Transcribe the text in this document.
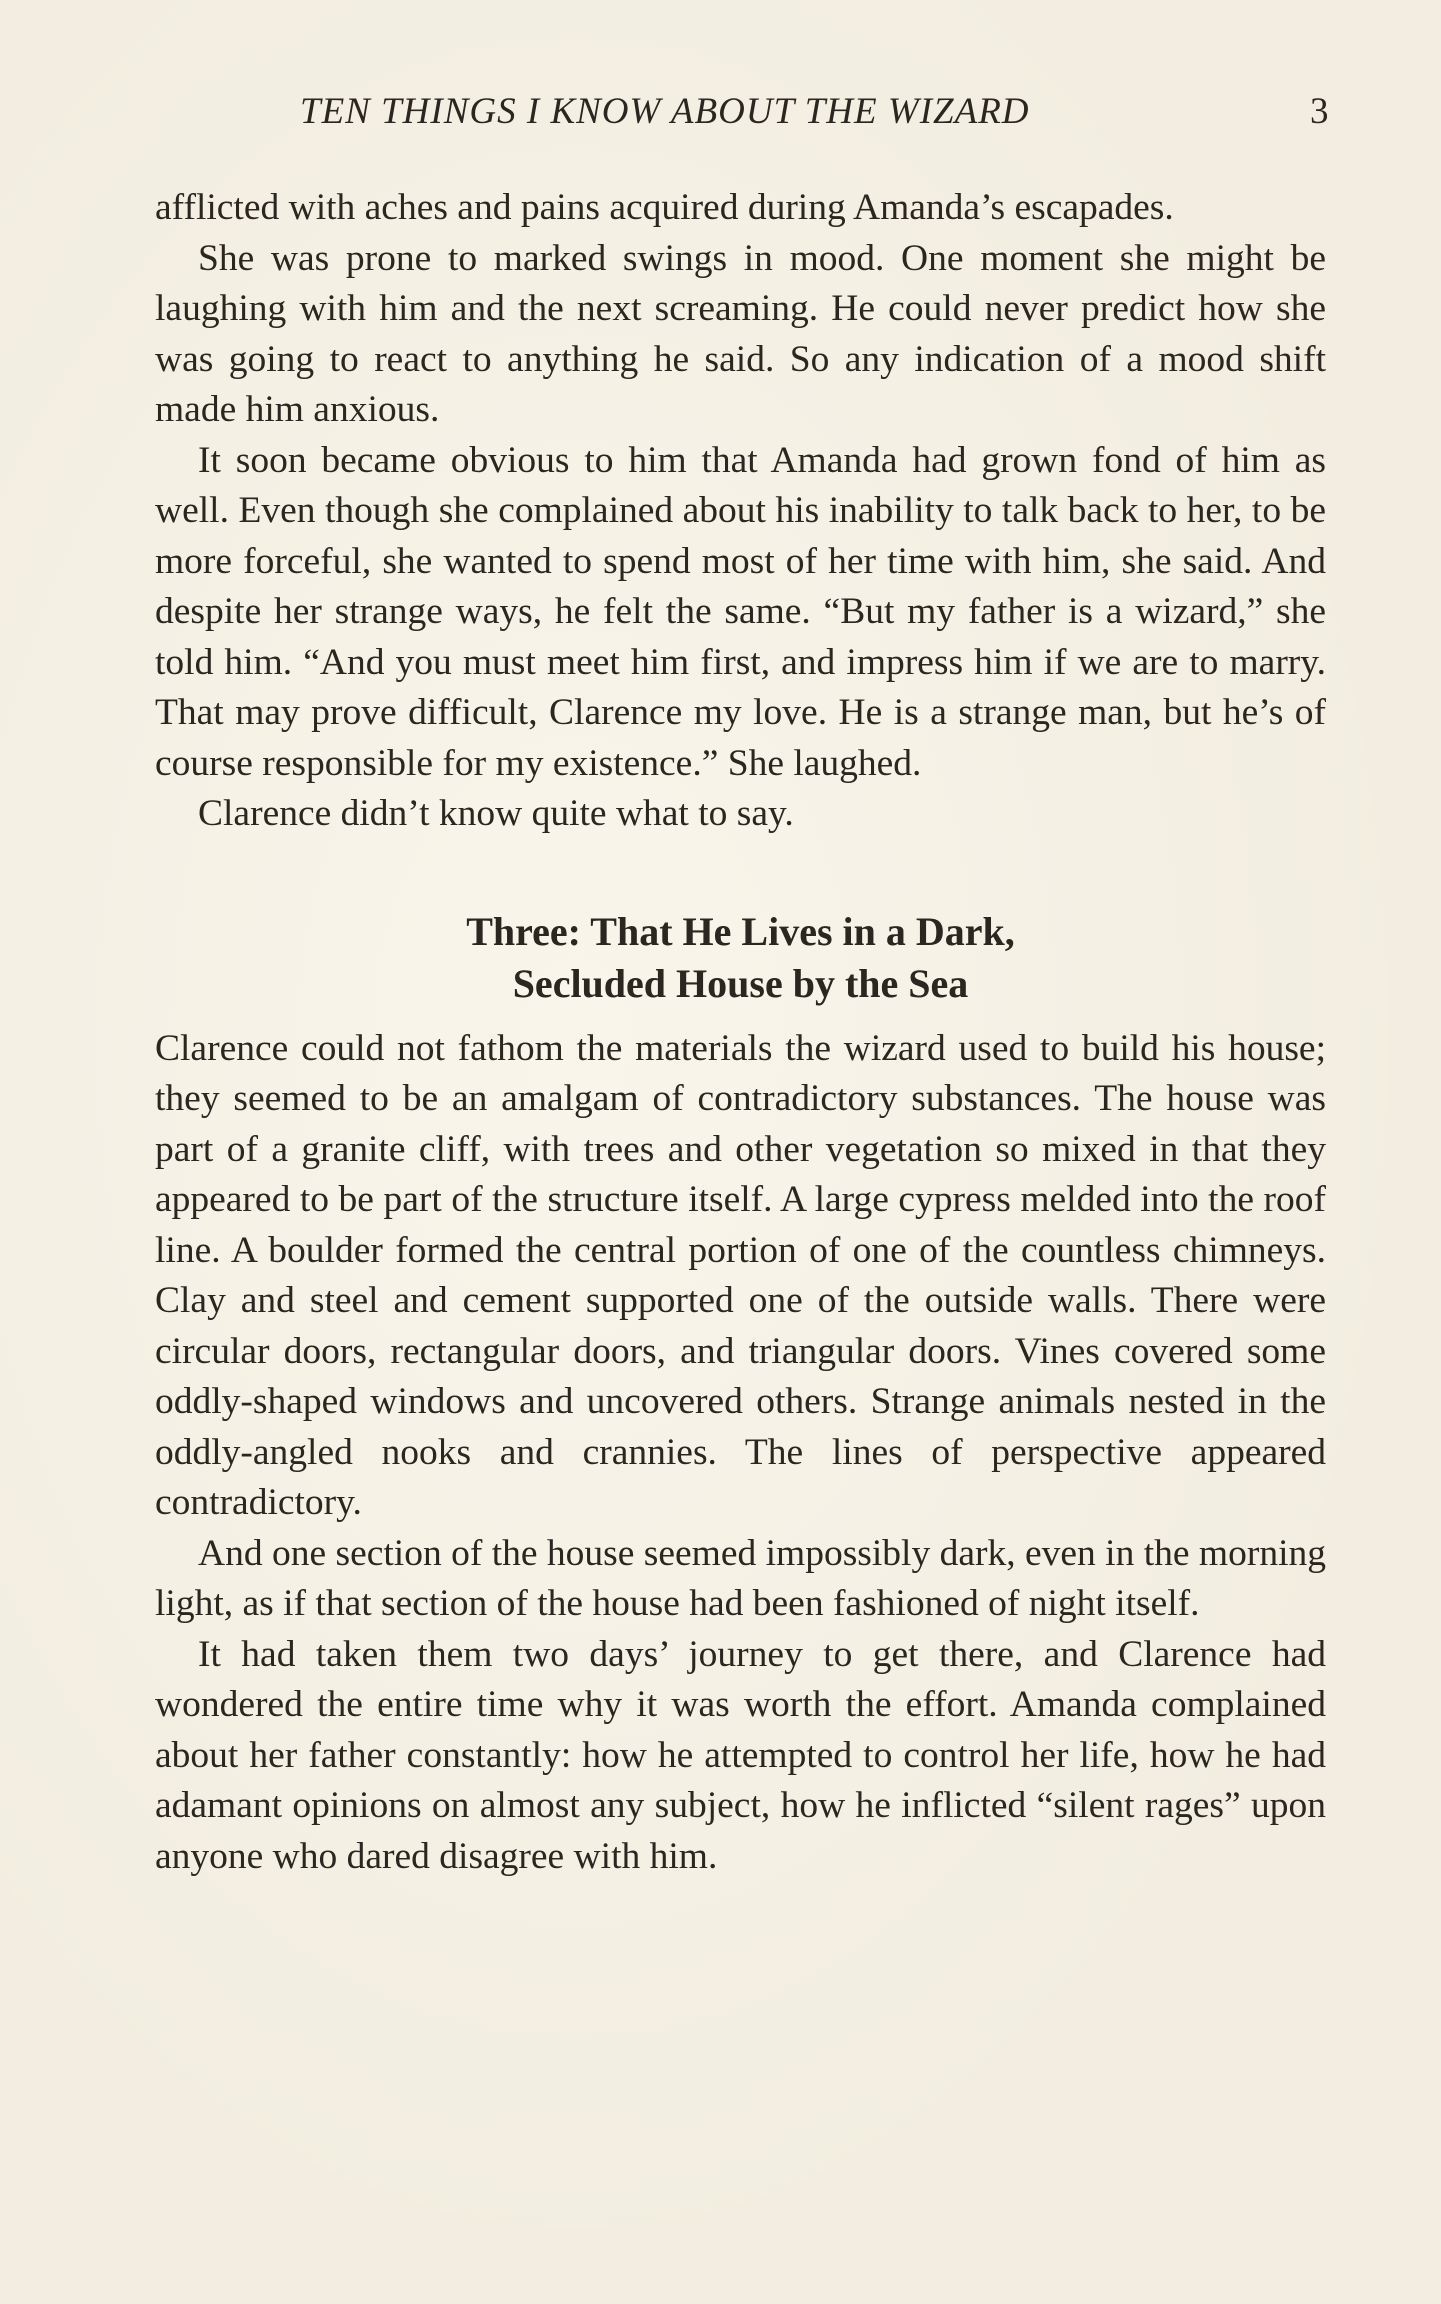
TEN THINGS I KNOW ABOUT THE WIZARD	3

afflicted with aches and pains acquired during Amanda’s escapades.

She was prone to marked swings in mood. One moment she might be laughing with him and the next screaming. He could never predict how she was going to react to anything he said. So any indication of a mood shift made him anxious.

It soon became obvious to him that Amanda had grown fond of him as well. Even though she complained about his inability to talk back to her, to be more forceful, she wanted to spend most of her time with him, she said. And despite her strange ways, he felt the same. “But my father is a wizard,” she told him. “And you must meet him first, and impress him if we are to marry. That may prove difficult, Clarence my love. He is a strange man, but he’s of course responsible for my existence.” She laughed.

Clarence didn’t know quite what to say.

Three: That He Lives in a Dark,
Secluded House by the Sea

Clarence could not fathom the materials the wizard used to build his house; they seemed to be an amalgam of contradictory substances. The house was part of a granite cliff, with trees and other vegetation so mixed in that they appeared to be part of the structure itself. A large cypress melded into the roof line. A boulder formed the central portion of one of the countless chimneys. Clay and steel and cement supported one of the outside walls. There were circular doors, rectangular doors, and triangular doors. Vines covered some oddly-shaped windows and uncovered others. Strange animals nested in the oddly-angled nooks and crannies. The lines of perspective appeared contradictory.

And one section of the house seemed impossibly dark, even in the morning light, as if that section of the house had been fashioned of night itself.

It had taken them two days’ journey to get there, and Clarence had wondered the entire time why it was worth the effort. Amanda complained about her father constantly: how he attempted to control her life, how he had adamant opinions on almost any subject, how he inflicted “silent rages” upon anyone who dared disagree with him.
